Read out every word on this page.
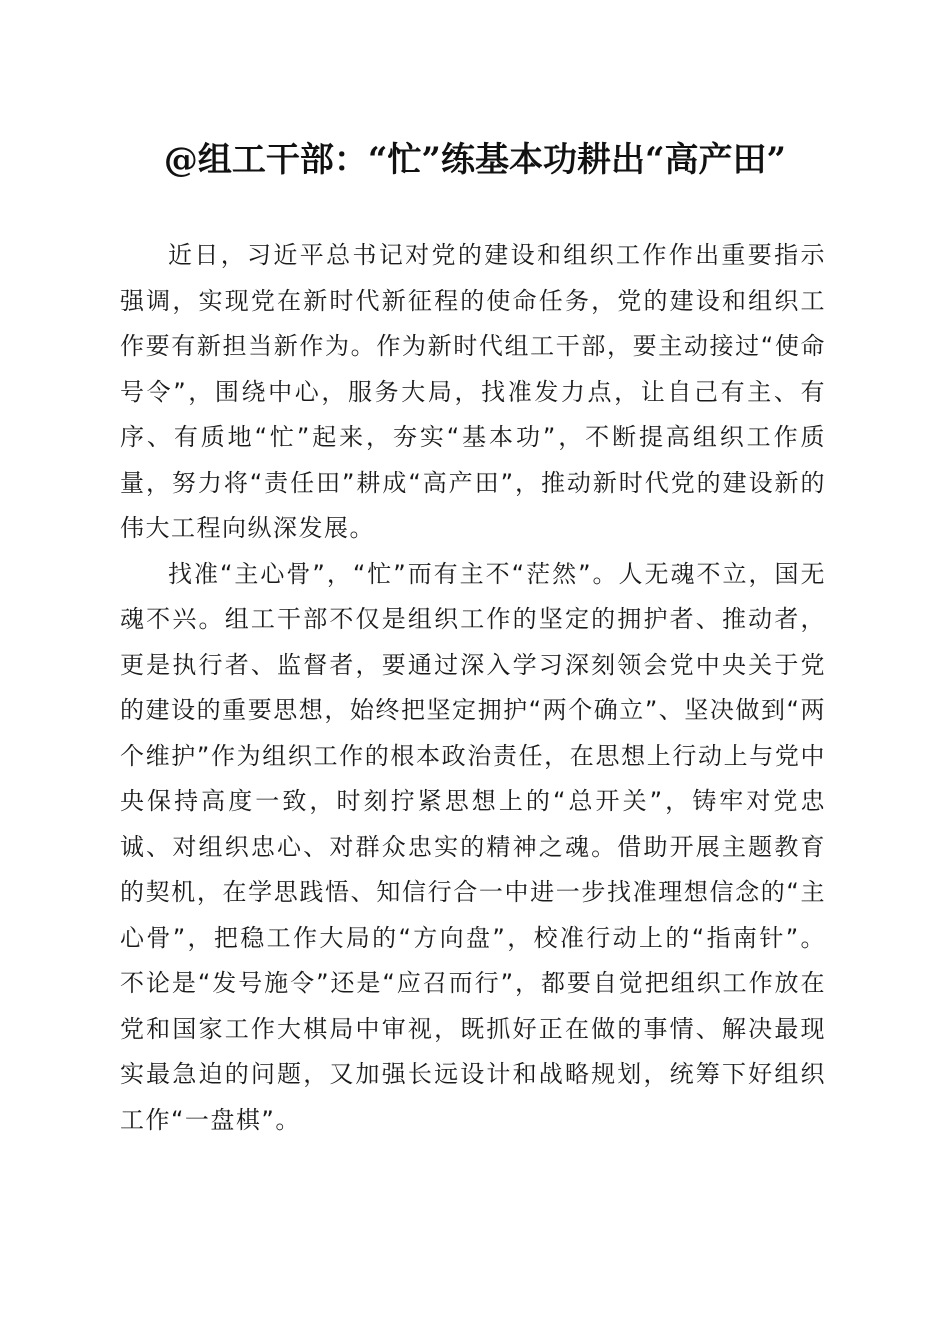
@组工干部：“忙”练基本功耕出“高产田”

近日，习近平总书记对党的建设和组织工作作出重要指示强调，实现党在新时代新征程的使命任务，党的建设和组织工作要有新担当新作为。作为新时代组工干部，要主动接过“使命号令”，围绕中心，服务大局，找准发力点，让自己有主、有序、有质地“忙”起来，夯实“基本功”，不断提高组织工作质量，努力将“责任田”耕成“高产田”，推动新时代党的建设新的伟大工程向纵深发展。

找准“主心骨”，“忙”而有主不“茫然”。人无魂不立，国无魂不兴。组工干部不仅是组织工作的坚定的拥护者、推动者，更是执行者、监督者，要通过深入学习深刻领会党中央关于党的建设的重要思想，始终把坚定拥护“两个确立”、坚决做到“两个维护”作为组织工作的根本政治责任，在思想上行动上与党中央保持高度一致，时刻拧紧思想上的“总开关”，铸牢对党忠诚、对组织忠心、对群众忠实的精神之魂。借助开展主题教育的契机，在学思践悟、知信行合一中进一步找准理想信念的“主心骨”，把稳工作大局的“方向盘”，校准行动上的“指南针”。不论是“发号施令”还是“应召而行”，都要自觉把组织工作放在党和国家工作大棋局中审视，既抓好正在做的事情、解决最现实最急迫的问题，又加强长远设计和战略规划，统筹下好组织工作“一盘棋”。
